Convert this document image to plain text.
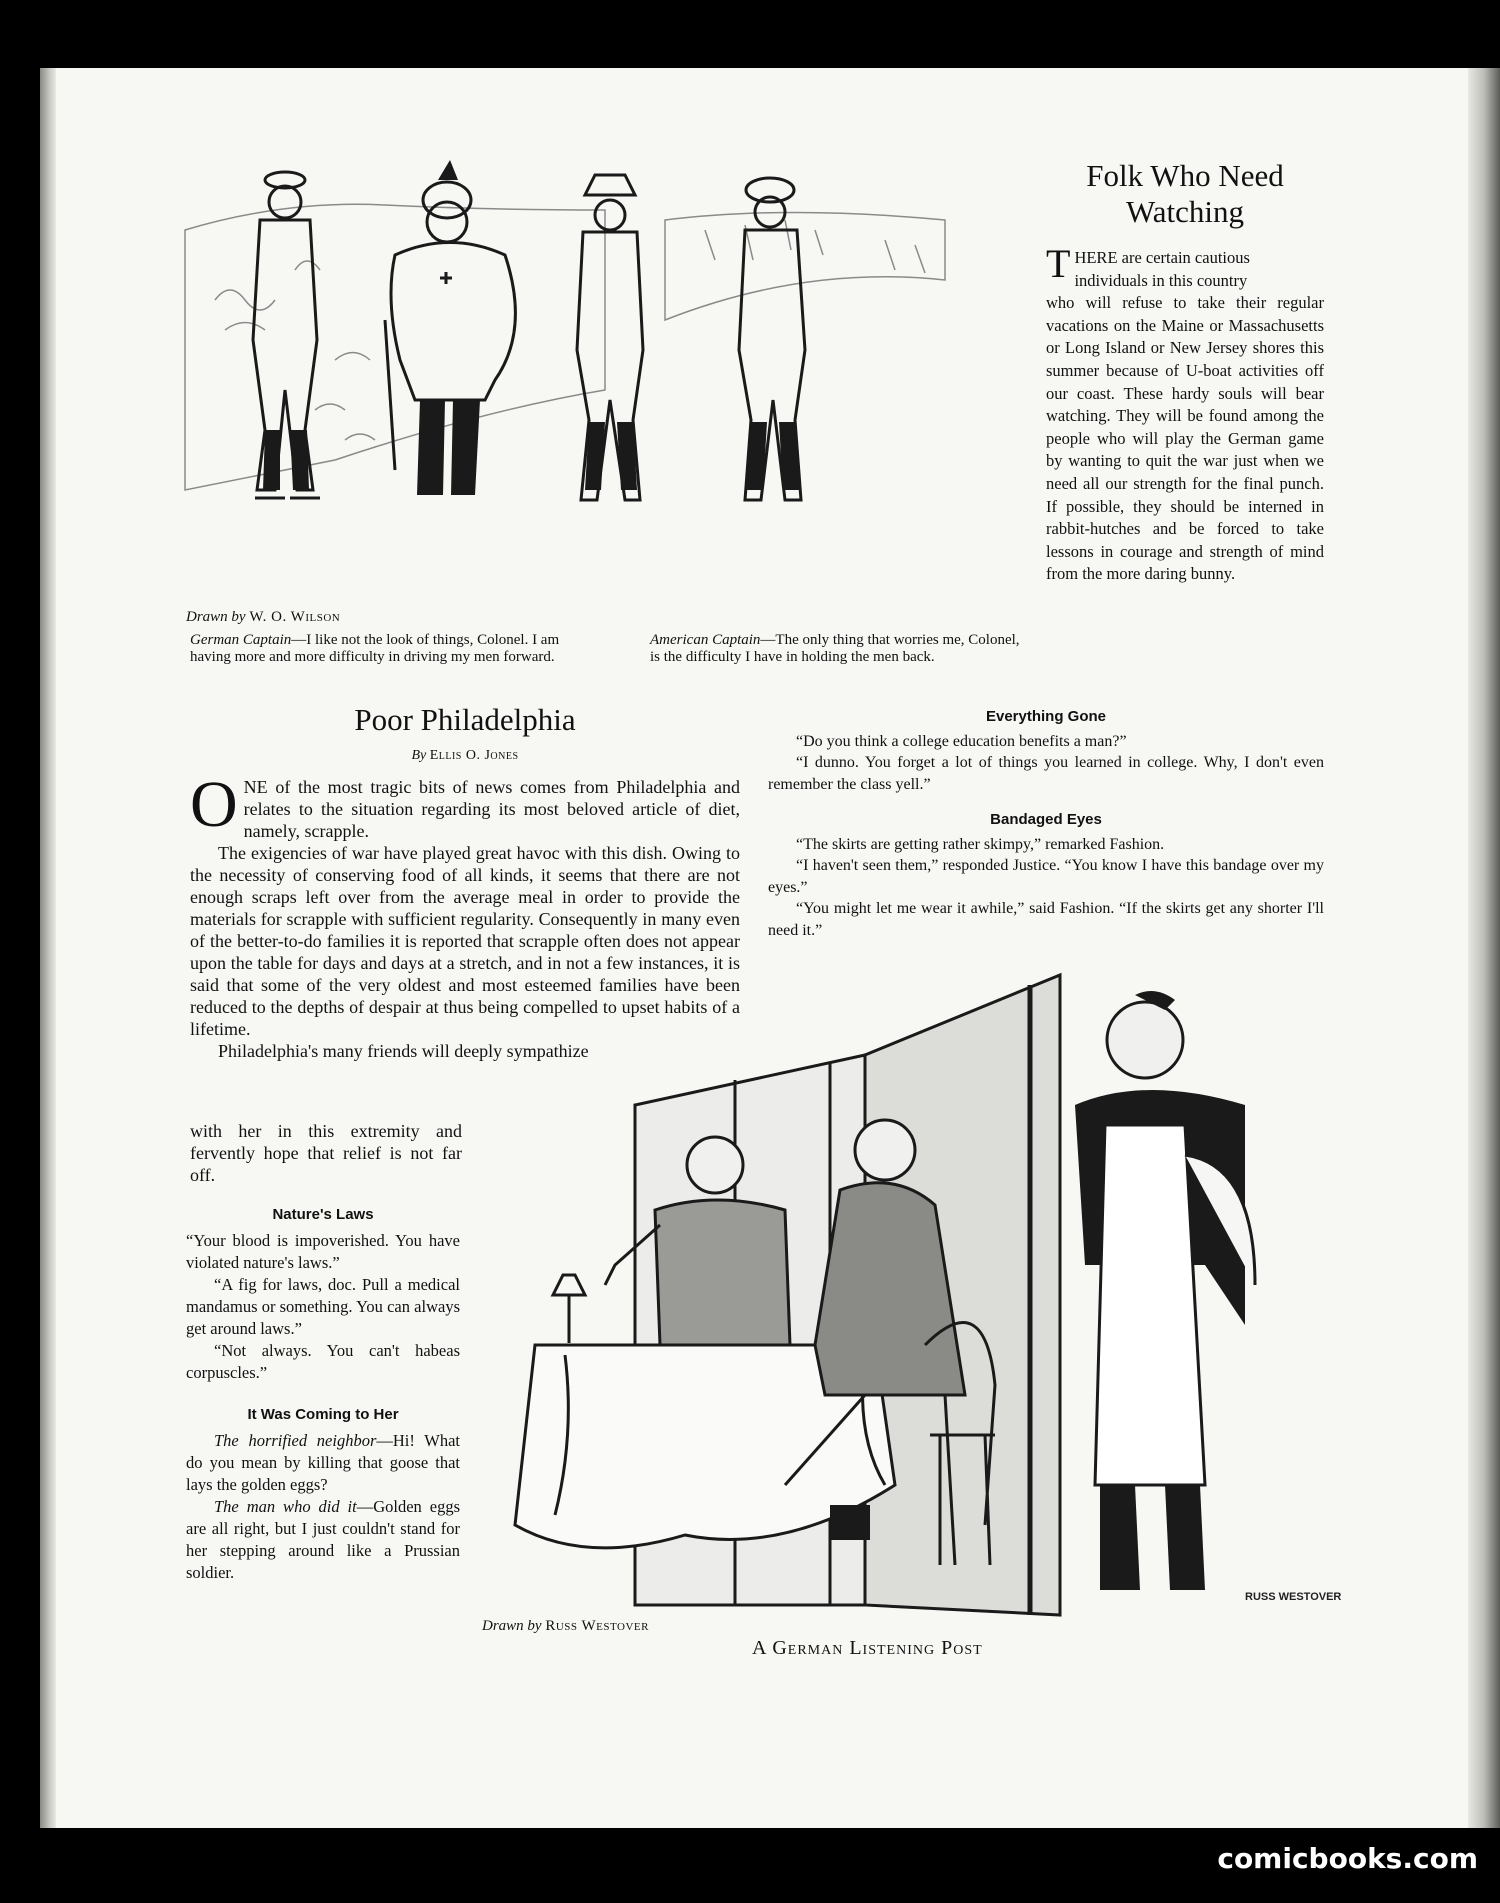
Drawn by W. O. Wilson
German Captain—I like not the look of things, Colonel. I am having more and more difficulty in driving my men forward.
American Captain—The only thing that worries me, Colonel, is the difficulty I have in holding the men back.
Folk Who Need
Watching
T HERE are certain cautious
individuals in this country

who will refuse to take their regular vacations on the Maine or Massachusetts or Long Island or New Jersey shores this summer because of U-boat activities off our coast. These hardy souls will bear watching. They will be found among the people who will play the German game by wanting to quit the war just when we need all our strength for the final punch. If possible, they should be interned in rabbit-hutches and be forced to take lessons in courage and strength of mind from the more daring bunny.

Poor Philadelphia
By Ellis O. Jones
O NE of the most tragic bits of news comes from Philadelphia and relates to the situation regarding its most beloved article of diet, namely, scrapple.

The exigencies of war have played great havoc with this dish. Owing to the necessity of conserving food of all kinds, it seems that there are not enough scraps left over from the average meal in order to provide the materials for scrapple with sufficient regularity. Consequently in many even of the better-to-do families it is reported that scrapple often does not appear upon the table for days and days at a stretch, and in not a few instances, it is said that some of the very oldest and most esteemed families have been reduced to the depths of despair at thus being compelled to upset habits of a lifetime.

Philadelphia's many friends will deeply sympathize

with her in this extremity and fervently hope that relief is not far off.

Everything Gone

“Do you think a college education benefits a man?”

“I dunno. You forget a lot of things you learned in college. Why, I don't even remember the class yell.”

Bandaged Eyes

“The skirts are getting rather skimpy,” remarked Fashion.

“I haven't seen them,” responded Justice. “You know I have this bandage over my eyes.”

“You might let me wear it awhile,” said Fashion. “If the skirts get any shorter I'll need it.”

Nature's Laws

“Your blood is impoverished. You have violated nature's laws.”

“A fig for laws, doc. Pull a medical mandamus or something. You can always get around laws.”

“Not always. You can't habeas corpuscles.”

It Was Coming to Her

The horrified neighbor—Hi! What do you mean by killing that goose that lays the golden eggs?

The man who did it—Golden eggs are all right, but I just couldn't stand for her stepping around like a Prussian soldier.

RUSS WESTOVER
Drawn by Russ Westover
A German Listening Post
comicbooks.com
